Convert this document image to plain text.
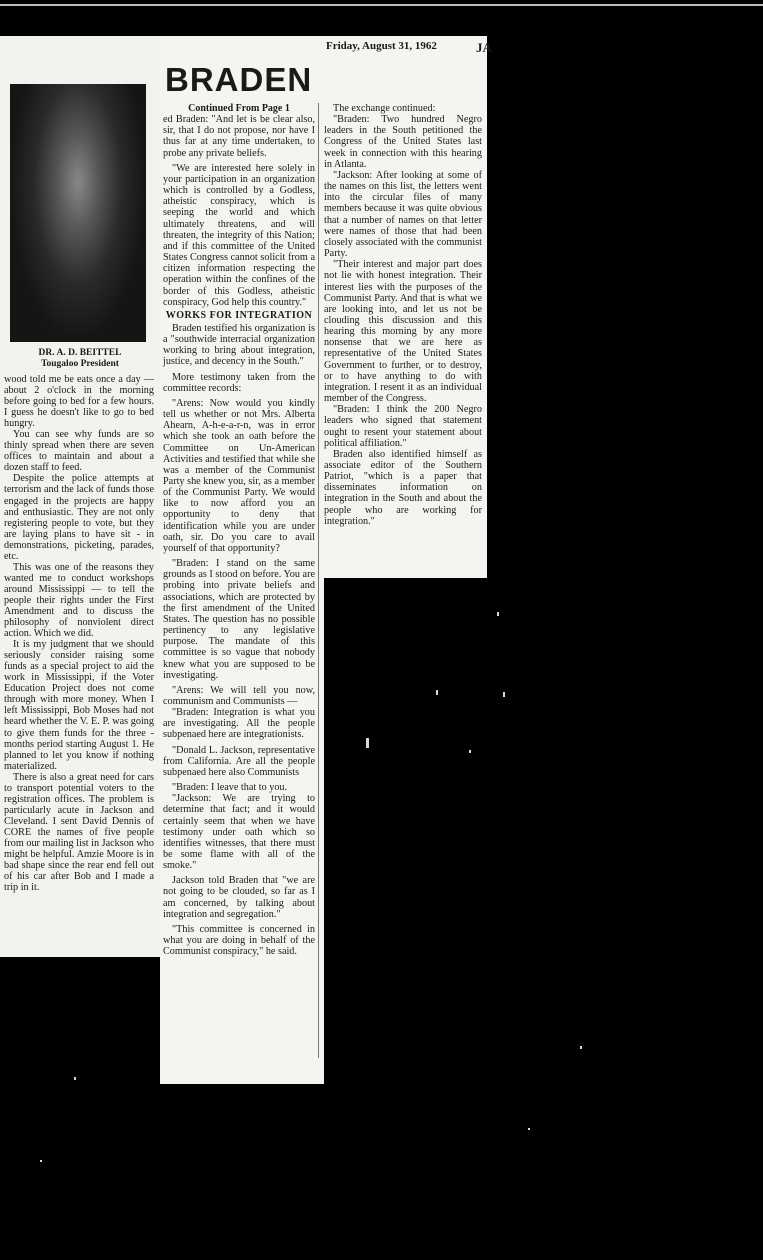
DR. A. D. BEITTEL
Tougaloo President

wood told me be eats once a day — about 2 o'clock in the morning before going to bed for a few hours. I guess he doesn't like to go to bed hungry.

You can see why funds are so thinly spread when there are seven offices to maintain and about a dozen staff to feed.

Despite the police attempts at terrorism and the lack of funds those engaged in the projects are happy and enthusiastic. They are not only registering people to vote, but they are laying plans to have sit - in demonstrations, picketing, parades, etc.

This was one of the reasons they wanted me to conduct workshops around Mississippi — to tell the people their rights under the First Amendment and to discuss the philosophy of nonviolent direct action. Which we did.

It is my judgment that we should seriously consider raising some funds as a special project to aid the work in Mississippi, if the Voter Education Project does not come through with more money. When I left Mississippi, Bob Moses had not heard whether the V. E. P. was going to give them funds for the three - months period starting August 1. He planned to let you know if nothing materialized.

There is also a great need for cars to transport potential voters to the registration offices. The problem is particularly acute in Jackson and Cleveland. I sent David Dennis of CORE the names of five people from our mailing list in Jackson who might be helpful. Amzie Moore is in bad shape since the rear end fell out of his car after Bob and I made a trip in it.

Friday, August 31, 1962	JA
BRADEN

Continued From Page 1

ed Braden: "And let is be clear also, sir, that I do not propose, nor have I thus far at any time undertaken, to probe any private beliefs.

"We are interested here solely in your participation in an organization which is controlled by a Godless, atheistic conspiracy, which is seeping the world and which ultimately threatens, and will threaten, the integrity of this Nation; and if this committee of the United States Congress cannot solicit from a citizen information respecting the operation within the confines of the border of this Godless, atheistic conspiracy, God help this country."

WORKS FOR INTEGRATION

Braden testified his organization is a "southwide interracial organization working to bring about integration, justice, and decency in the South."

More testimony taken from the committee records:

"Arens: Now would you kindly tell us whether or not Mrs. Alberta Ahearn, A-h-e-a-r-n, was in error which she took an oath before the Committee on Un-American Activities and testified that while she was a member of the Communist Party she knew you, sir, as a member of the Communist Party. We would like to now afford you an opportunity to deny that identification while you are under oath, sir. Do you care to avail yourself of that opportunity?

"Braden: I stand on the same grounds as I stood on before. You are probing into private beliefs and associations, which are protected by the first amendment of the United States. The question has no possible pertinency to any legislative purpose. The mandate of this committee is so vague that nobody knew what you are supposed to be investigating.

"Arens: We will tell you now, communism and Communists —

"Braden: Integration is what you are investigating. All the people subpenaed here are integrationists.

"Donald L. Jackson, representative from California. Are all the people subpenaed here also Communists

"Braden: I leave that to you.

"Jackson: We are trying to determine that fact; and it would certainly seem that when we have testimony under oath which so identifies witnesses, that there must be some flame with all of the smoke."

Jackson told Braden that "we are not going to be clouded, so far as I am concerned, by talking about integration and segregation."

"This committee is concerned in what you are doing in behalf of the Communist conspiracy," he said.

The exchange continued:

"Braden: Two hundred Negro leaders in the South petitioned the Congress of the United States last week in connection with this hearing in Atlanta.

"Jackson: After looking at some of the names on this list, the letters went into the circular files of many members because it was quite obvious that a number of names on that letter were names of those that had been closely associated with the communist Party.

"Their interest and major part does not lie with honest integration. Their interest lies with the purposes of the Communist Party. And that is what we are looking into, and let us not be clouding this discussion and this hearing this morning by any more nonsense that we are here as representative of the United States Government to further, or to destroy, or to have anything to do with integration. I resent it as an individual member of the Congress.

"Braden: I think the 200 Negro leaders who signed that statement ought to resent your statement about political affiliation."

Braden also identified himself as associate editor of the Southern Patriot, "which is a paper that disseminates information on integration in the South and about the people who are working for integration."
